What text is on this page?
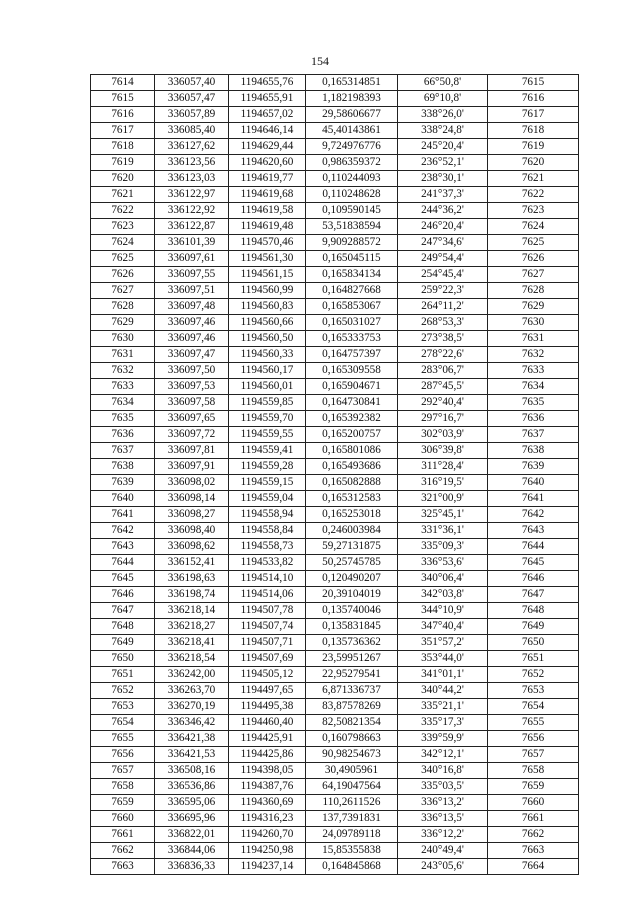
154
7614	336057,40	1194655,76	0,165314851	66°50,8'	7615
7615	336057,47	1194655,91	1,182198393	69°10,8'	7616
7616	336057,89	1194657,02	29,58606677	338°26,0'	7617
7617	336085,40	1194646,14	45,40143861	338°24,8'	7618
7618	336127,62	1194629,44	9,724976776	245°20,4'	7619
7619	336123,56	1194620,60	0,986359372	236°52,1'	7620
7620	336123,03	1194619,77	0,110244093	238°30,1'	7621
7621	336122,97	1194619,68	0,110248628	241°37,3'	7622
7622	336122,92	1194619,58	0,109590145	244°36,2'	7623
7623	336122,87	1194619,48	53,51838594	246°20,4'	7624
7624	336101,39	1194570,46	9,909288572	247°34,6'	7625
7625	336097,61	1194561,30	0,165045115	249°54,4'	7626
7626	336097,55	1194561,15	0,165834134	254°45,4'	7627
7627	336097,51	1194560,99	0,164827668	259°22,3'	7628
7628	336097,48	1194560,83	0,165853067	264°11,2'	7629
7629	336097,46	1194560,66	0,165031027	268°53,3'	7630
7630	336097,46	1194560,50	0,165333753	273°38,5'	7631
7631	336097,47	1194560,33	0,164757397	278°22,6'	7632
7632	336097,50	1194560,17	0,165309558	283°06,7'	7633
7633	336097,53	1194560,01	0,165904671	287°45,5'	7634
7634	336097,58	1194559,85	0,164730841	292°40,4'	7635
7635	336097,65	1194559,70	0,165392382	297°16,7'	7636
7636	336097,72	1194559,55	0,165200757	302°03,9'	7637
7637	336097,81	1194559,41	0,165801086	306°39,8'	7638
7638	336097,91	1194559,28	0,165493686	311°28,4'	7639
7639	336098,02	1194559,15	0,165082888	316°19,5'	7640
7640	336098,14	1194559,04	0,165312583	321°00,9'	7641
7641	336098,27	1194558,94	0,165253018	325°45,1'	7642
7642	336098,40	1194558,84	0,246003984	331°36,1'	7643
7643	336098,62	1194558,73	59,27131875	335°09,3'	7644
7644	336152,41	1194533,82	50,25745785	336°53,6'	7645
7645	336198,63	1194514,10	0,120490207	340°06,4'	7646
7646	336198,74	1194514,06	20,39104019	342°03,8'	7647
7647	336218,14	1194507,78	0,135740046	344°10,9'	7648
7648	336218,27	1194507,74	0,135831845	347°40,4'	7649
7649	336218,41	1194507,71	0,135736362	351°57,2'	7650
7650	336218,54	1194507,69	23,59951267	353°44,0'	7651
7651	336242,00	1194505,12	22,95279541	341°01,1'	7652
7652	336263,70	1194497,65	6,871336737	340°44,2'	7653
7653	336270,19	1194495,38	83,87578269	335°21,1'	7654
7654	336346,42	1194460,40	82,50821354	335°17,3'	7655
7655	336421,38	1194425,91	0,160798663	339°59,9'	7656
7656	336421,53	1194425,86	90,98254673	342°12,1'	7657
7657	336508,16	1194398,05	30,4905961	340°16,8'	7658
7658	336536,86	1194387,76	64,19047564	335°03,5'	7659
7659	336595,06	1194360,69	110,2611526	336°13,2'	7660
7660	336695,96	1194316,23	137,7391831	336°13,5'	7661
7661	336822,01	1194260,70	24,09789118	336°12,2'	7662
7662	336844,06	1194250,98	15,85355838	240°49,4'	7663
7663	336836,33	1194237,14	0,164845868	243°05,6'	7664
